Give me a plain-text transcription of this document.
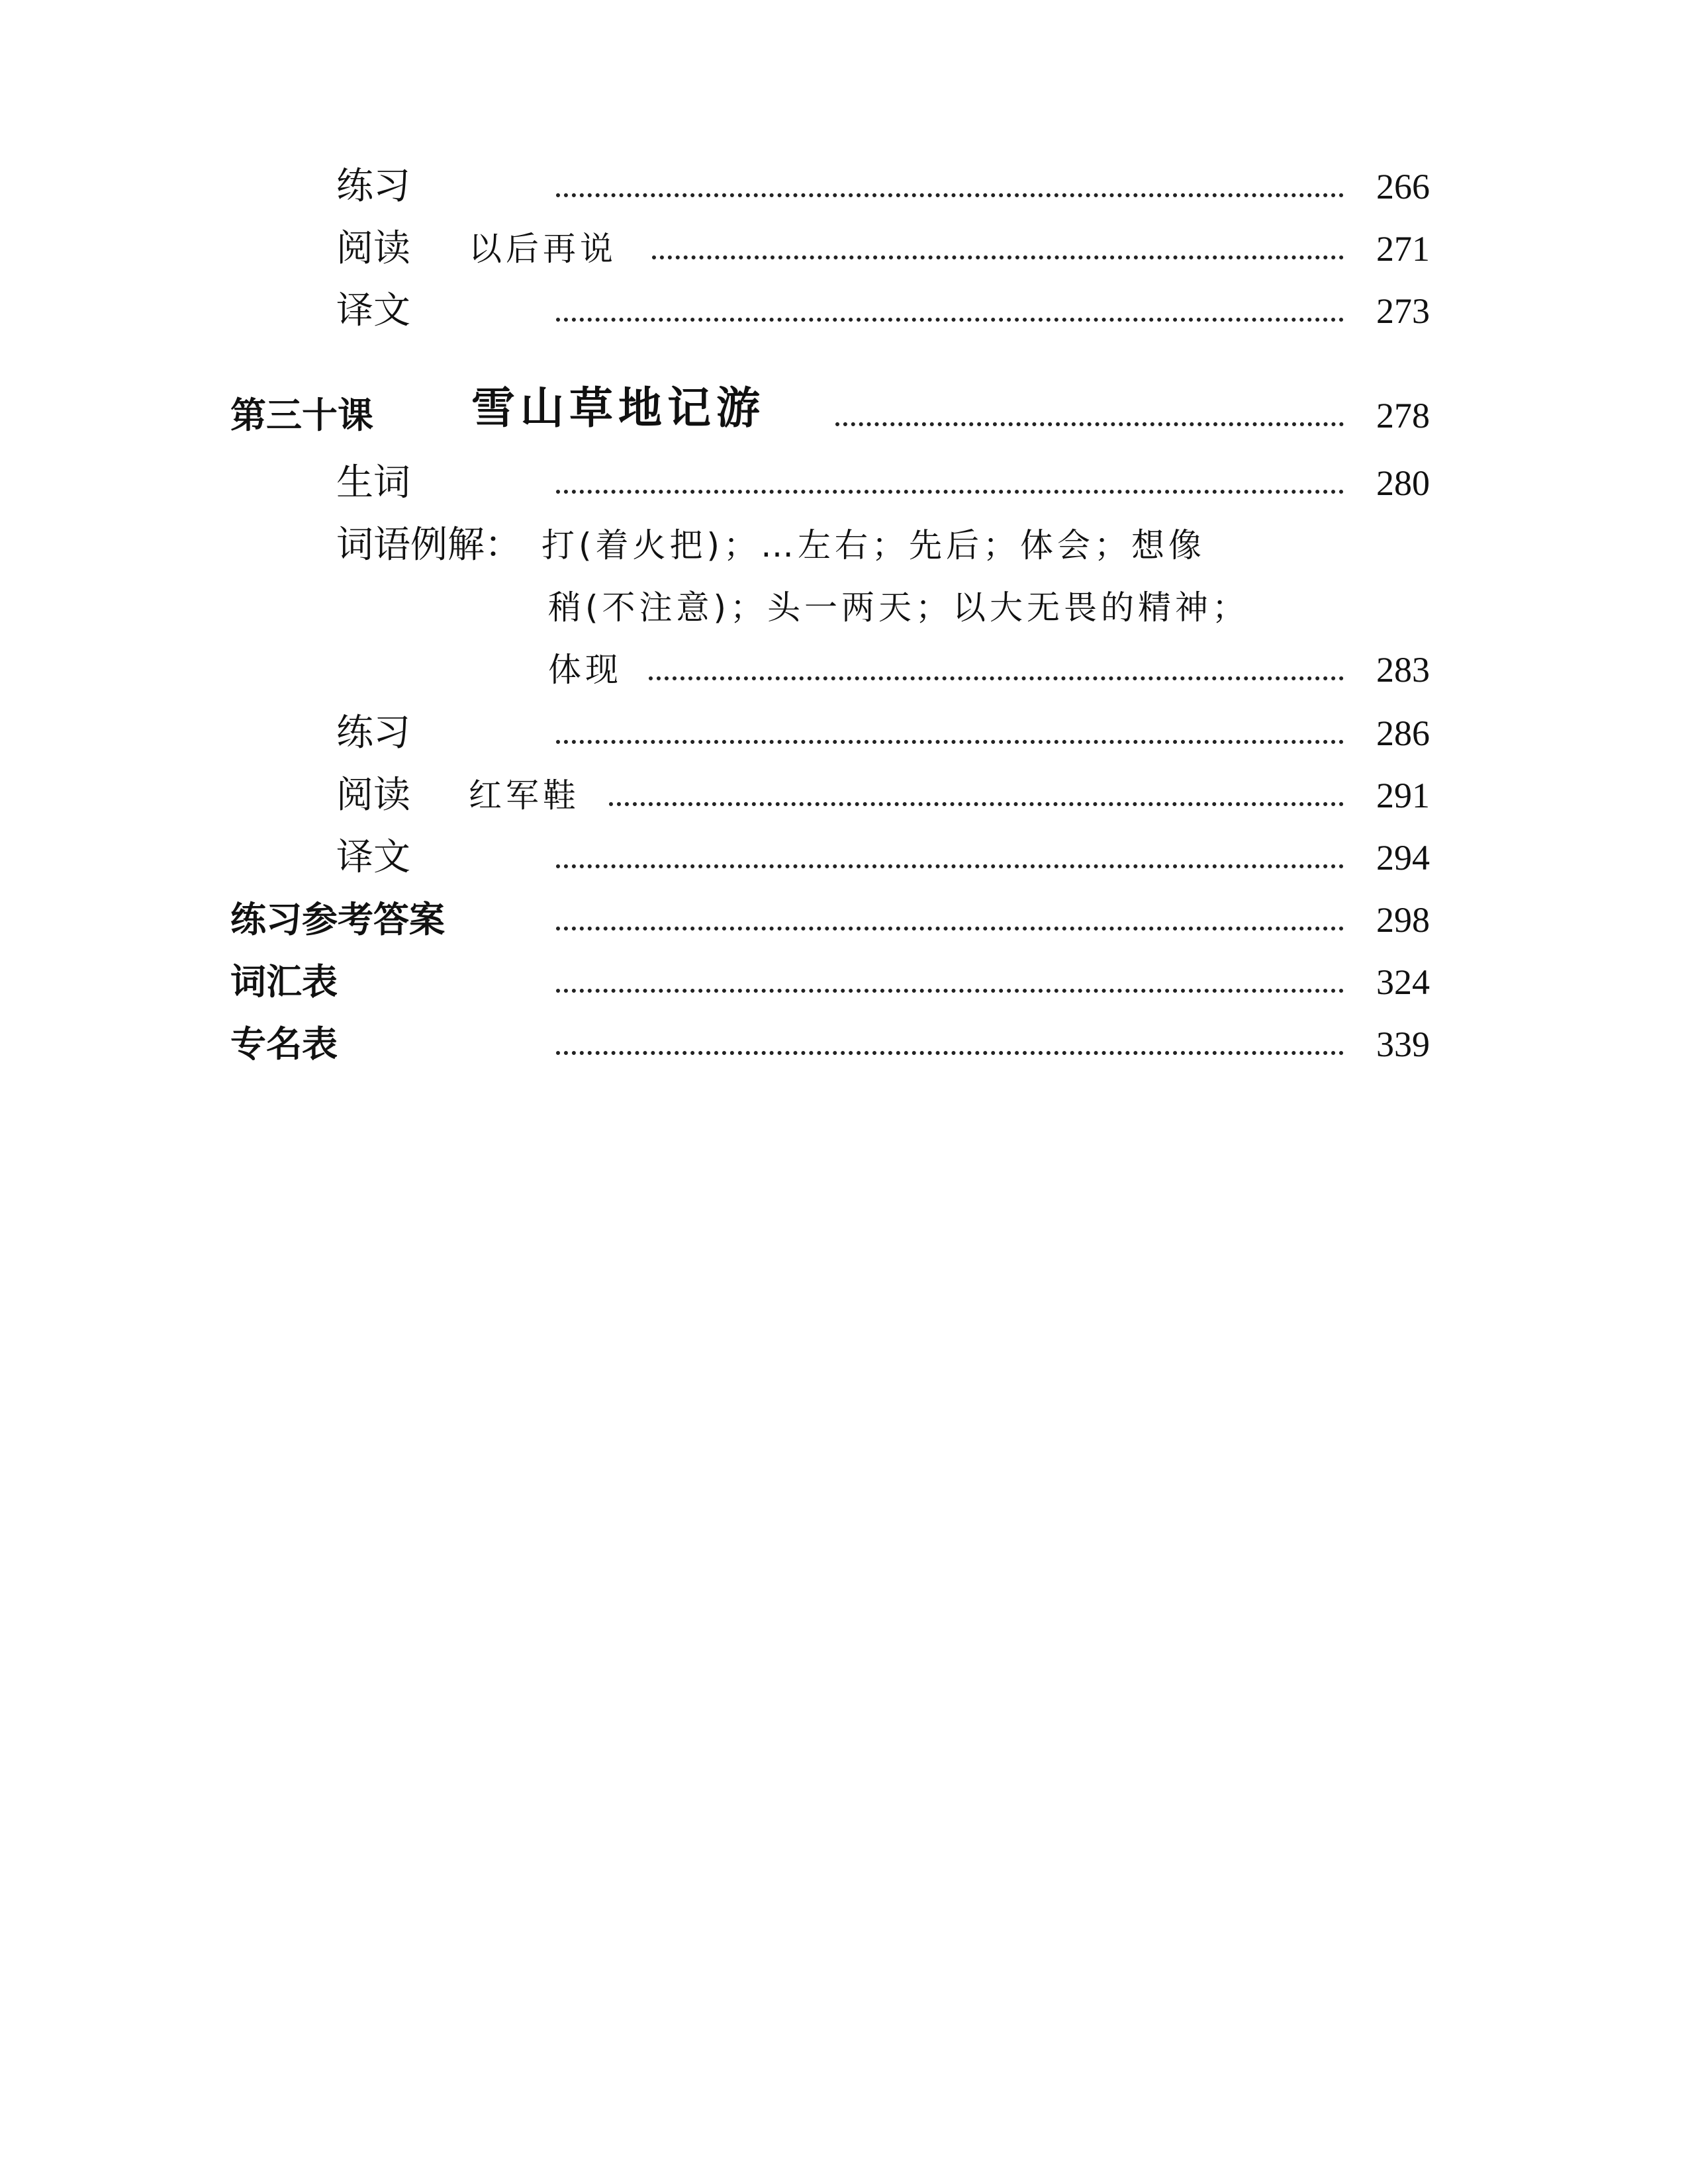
练习	266
阅读 以后再说	271
译文	273
第三十课 雪山草地记游	278
生词	280
词语例解： 打(着火把)；…左右；先后；体会；想像
稍(不注意)；头一两天；以大无畏的精神；
体现	283
练习	286
阅读 红军鞋	291
译文	294
练习参考答案	298
词汇表	324
专名表	339
